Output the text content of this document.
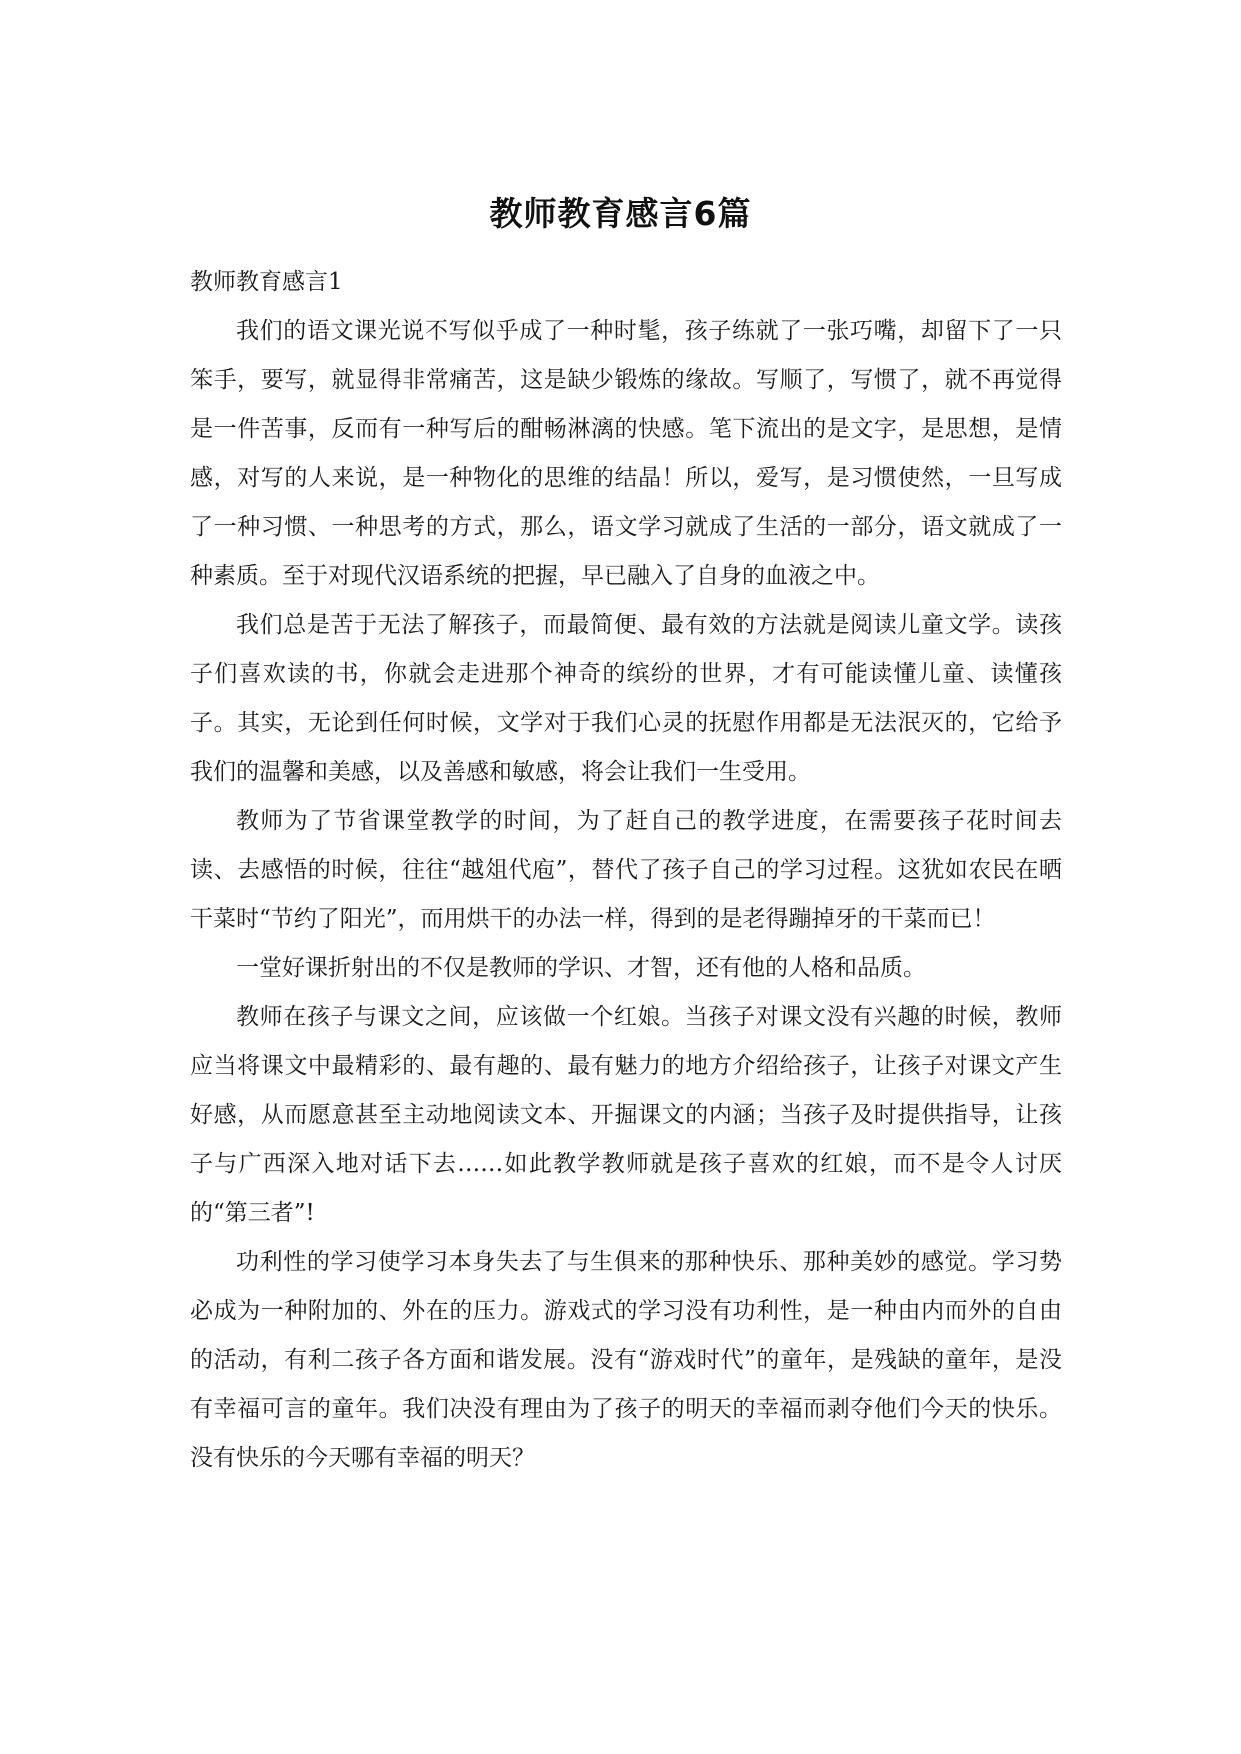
教师教育感言6篇

教师教育感言1

我们的语文课光说不写似乎成了一种时髦，孩子练就了一张巧嘴，却留下了一只笨手，要写，就显得非常痛苦，这是缺少锻炼的缘故。写顺了，写惯了，就不再觉得是一件苦事，反而有一种写后的酣畅淋漓的快感。笔下流出的是文字，是思想，是情感，对写的人来说，是一种物化的思维的结晶！所以，爱写，是习惯使然，一旦写成了一种习惯、一种思考的方式，那么，语文学习就成了生活的一部分，语文就成了一种素质。至于对现代汉语系统的把握，早已融入了自身的血液之中。

我们总是苦于无法了解孩子，而最简便、最有效的方法就是阅读儿童文学。读孩子们喜欢读的书，你就会走进那个神奇的缤纷的世界，才有可能读懂儿童、读懂孩子。其实，无论到任何时候，文学对于我们心灵的抚慰作用都是无法泯灭的，它给予我们的温馨和美感，以及善感和敏感，将会让我们一生受用。

教师为了节省课堂教学的时间，为了赶自己的教学进度，在需要孩子花时间去读、去感悟的时候，往往“越俎代庖”，替代了孩子自己的学习过程。这犹如农民在晒干菜时“节约了阳光”，而用烘干的办法一样，得到的是老得蹦掉牙的干菜而已！

一堂好课折射出的不仅是教师的学识、才智，还有他的人格和品质。

教师在孩子与课文之间，应该做一个红娘。当孩子对课文没有兴趣的时候，教师应当将课文中最精彩的、最有趣的、最有魅力的地方介绍给孩子，让孩子对课文产生好感，从而愿意甚至主动地阅读文本、开掘课文的内涵；当孩子及时提供指导，让孩子与广西深入地对话下去……如此教学教师就是孩子喜欢的红娘，而不是令人讨厌的“第三者”!

功利性的学习使学习本身失去了与生俱来的那种快乐、那种美妙的感觉。学习势必成为一种附加的、外在的压力。游戏式的学习没有功利性，是一种由内而外的自由的活动，有利二孩子各方面和谐发展。没有“游戏时代”的童年，是残缺的童年，是没有幸福可言的童年。我们决没有理由为了孩子的明天的幸福而剥夺他们今天的快乐。没有快乐的今天哪有幸福的明天？
